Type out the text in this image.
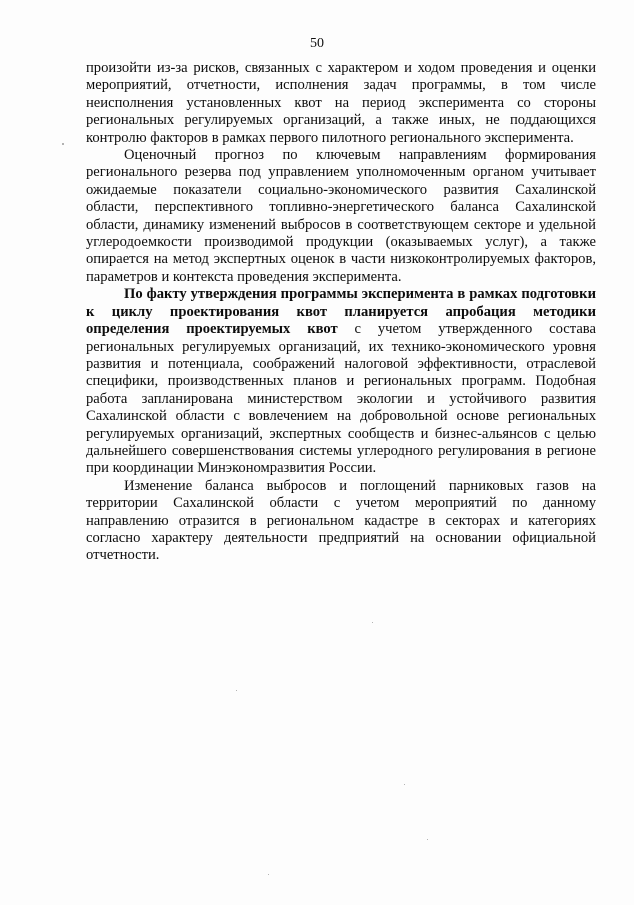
50

произойти из-за рисков, связанных с характером и ходом проведения и оценки мероприятий, отчетности, исполнения задач программы, в том числе неисполнения установленных квот на период эксперимента со стороны региональных регулируемых организаций, а также иных, не поддающихся контролю факторов в рамках первого пилотного регионального эксперимента.

Оценочный прогноз по ключевым направлениям формирования регионального резерва под управлением уполномоченным органом учитывает ожидаемые показатели социально-экономического развития Сахалинской области, перспективного топливно-энергетического баланса Сахалинской области, динамику изменений выбросов в соответствующем секторе и удельной углеродоемкости производимой продукции (оказываемых услуг), а также опирается на метод экспертных оценок в части низкоконтролируемых факторов, параметров и контекста проведения эксперимента.

По факту утверждения программы эксперимента в рамках подготовки к циклу проектирования квот планируется апробация методики определения проектируемых квот с учетом утвержденного состава региональных регулируемых организаций, их технико-экономического уровня развития и потенциала, соображений налоговой эффективности, отраслевой специфики, производственных планов и региональных программ. Подобная работа запланирована министерством экологии и устойчивого развития Сахалинской области с вовлечением на добровольной основе региональных регулируемых организаций, экспертных сообществ и бизнес-альянсов с целью дальнейшего совершенствования системы углеродного регулирования в регионе при координации Минэкономразвития России.

Изменение баланса выбросов и поглощений парниковых газов на территории Сахалинской области с учетом мероприятий по данному направлению отразится в региональном кадастре в секторах и категориях согласно характеру деятельности предприятий на основании официальной отчетности.
